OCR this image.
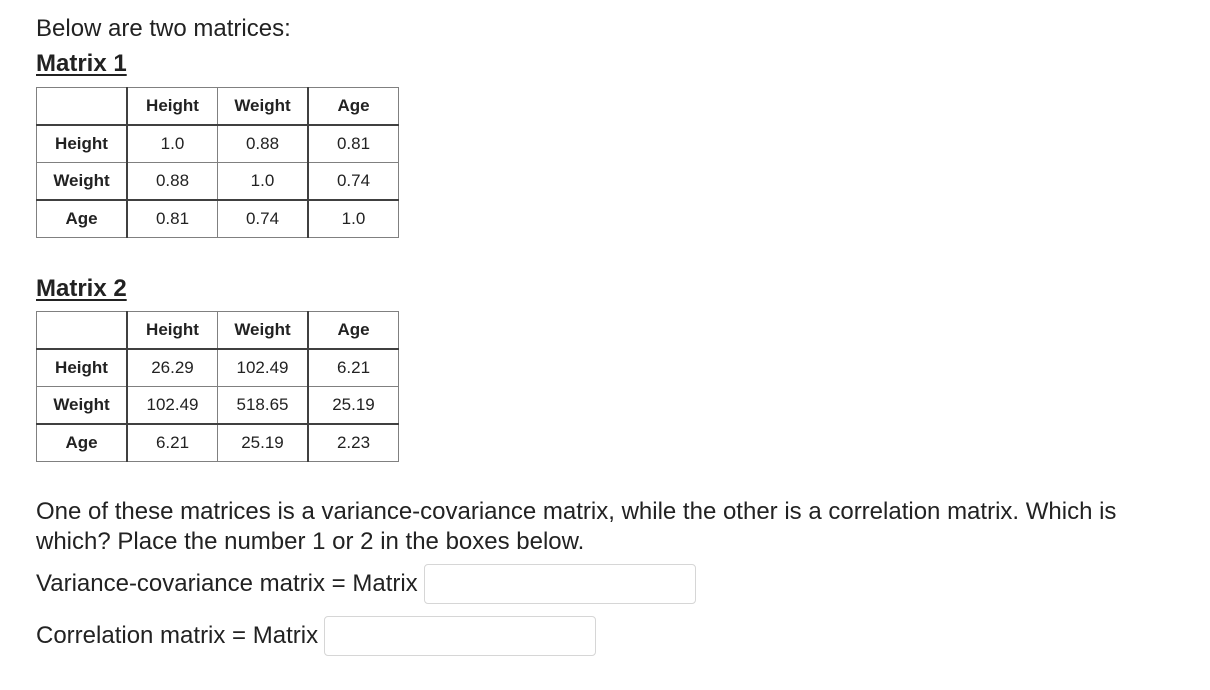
Below are two matrices:

Matrix 1
	Height	Weight	Age
Height	1.0	0.88	0.81
Weight	0.88	1.0	0.74
Age	0.81	0.74	1.0
Matrix 2
	Height	Weight	Age
Height	26.29	102.49	6.21
Weight	102.49	518.65	25.19
Age	6.21	25.19	2.23

One of these matrices is a variance-covariance matrix, while the other is a correlation matrix. Which is which? Place the number 1 or 2 in the boxes below.

Variance-covariance matrix = Matrix
Correlation matrix = Matrix
